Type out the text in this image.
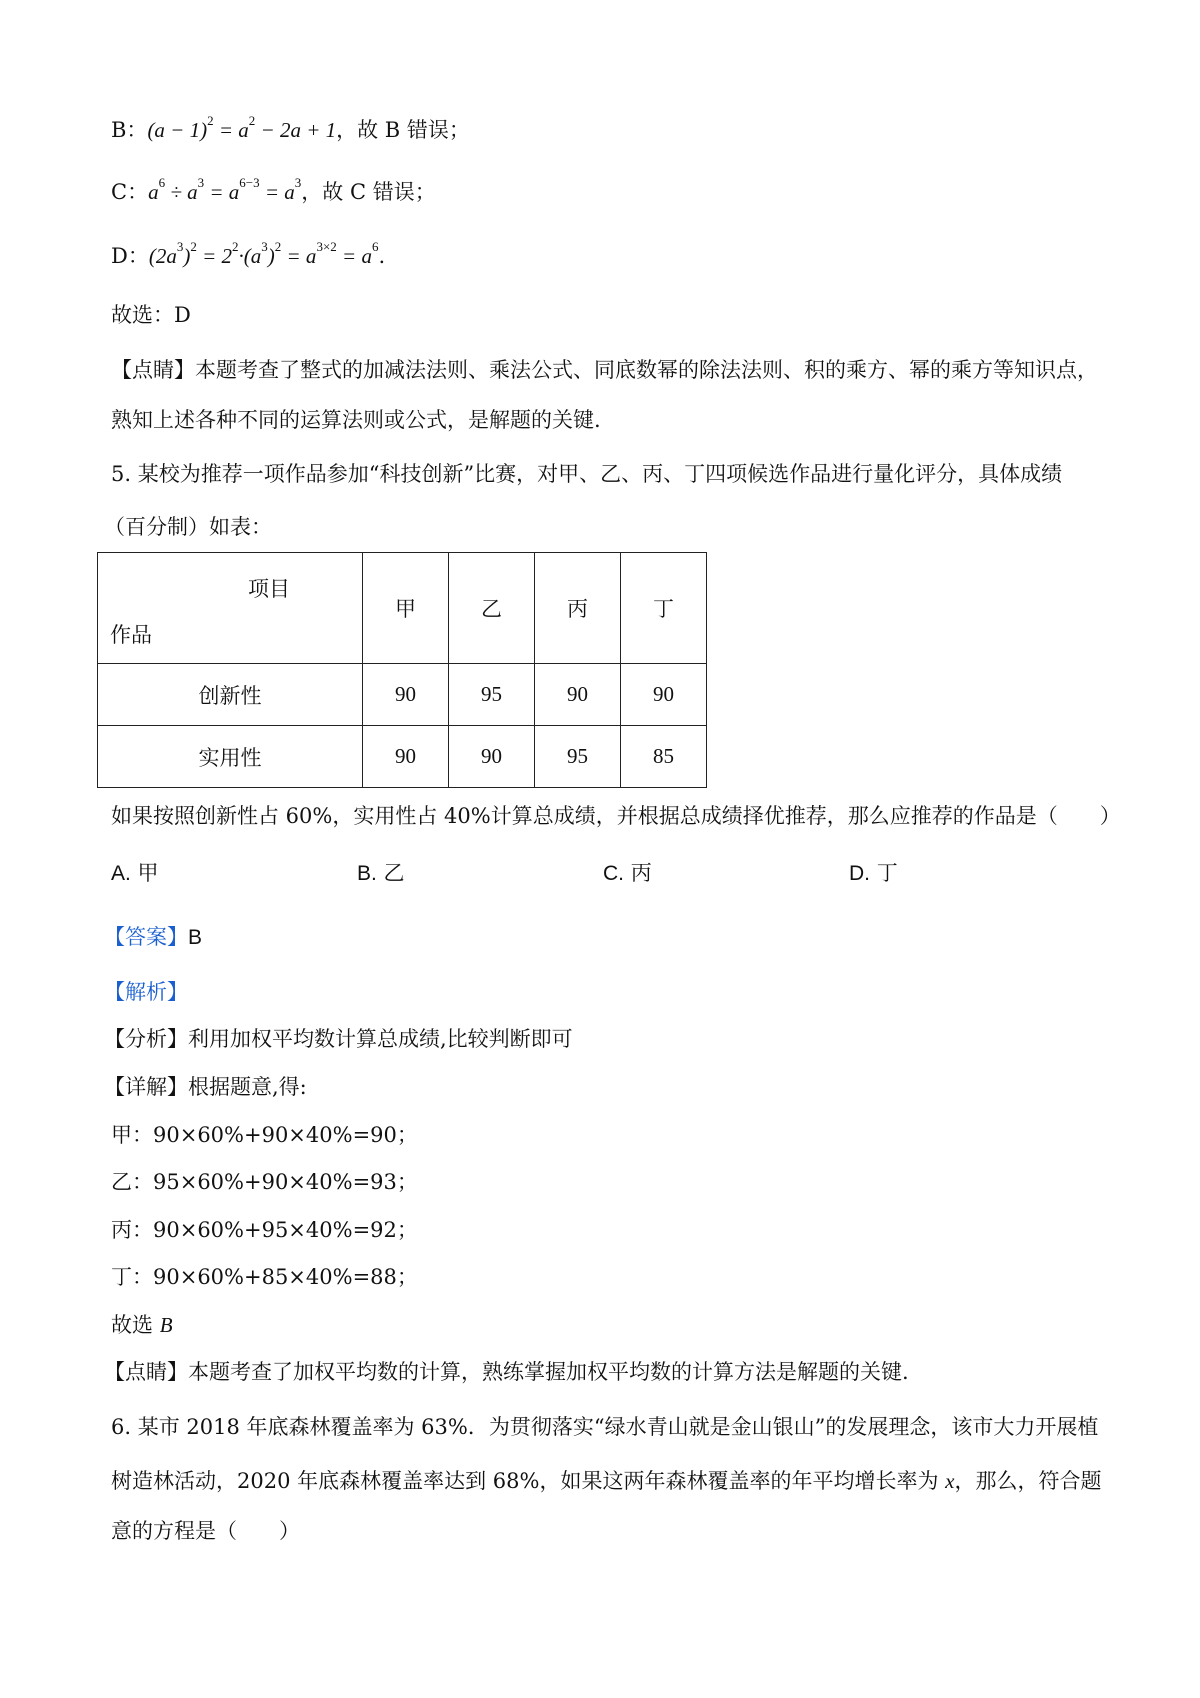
B：$(a - 1)^2 = a^2 - 2a + 1$，故 B 错误；
C：$a^6 \div a^3 = a^{6-3} = a^3$，故 C 错误；
D：$(2a^3)^2 = 2^2\cdot(a^3)^2 = a^{3\times 2} = a^6$.
故选：D
【点睛】本题考查了整式的加减法法则、乘法公式、同底数幂的除法法则、积的乘方、幂的乘方等知识点，
熟知上述各种不同的运算法则或公式，是解题的关键.
5. 某校为推荐一项作品参加“科技创新”比赛，对甲、乙、丙、丁四项候选作品进行量化评分，具体成绩
（百分制）如表：
项目
作品	甲	乙	丙	丁
创新性	90	95	90	90
实用性	90	90	95	85
如果按照创新性占 60%，实用性占 40%计算总成绩，并根据总成绩择优推荐，那么应推荐的作品是（　　）
A. 甲	B. 乙	C. 丙	D. 丁
【答案】B
【解析】
【分析】利用加权平均数计算总成绩,比较判断即可
【详解】根据题意,得:
甲：90×60%+90×40%=90；
乙：95×60%+90×40%=93；
丙：90×60%+95×40%=92；
丁：90×60%+85×40%=88；
故选 B
【点睛】本题考查了加权平均数的计算，熟练掌握加权平均数的计算方法是解题的关键.
6. 某市 2018 年底森林覆盖率为 63%．为贯彻落实“绿水青山就是金山银山”的发展理念，该市大力开展植
树造林活动，2020 年底森林覆盖率达到 68%，如果这两年森林覆盖率的年平均增长率为 x，那么，符合题
意的方程是（　　）
